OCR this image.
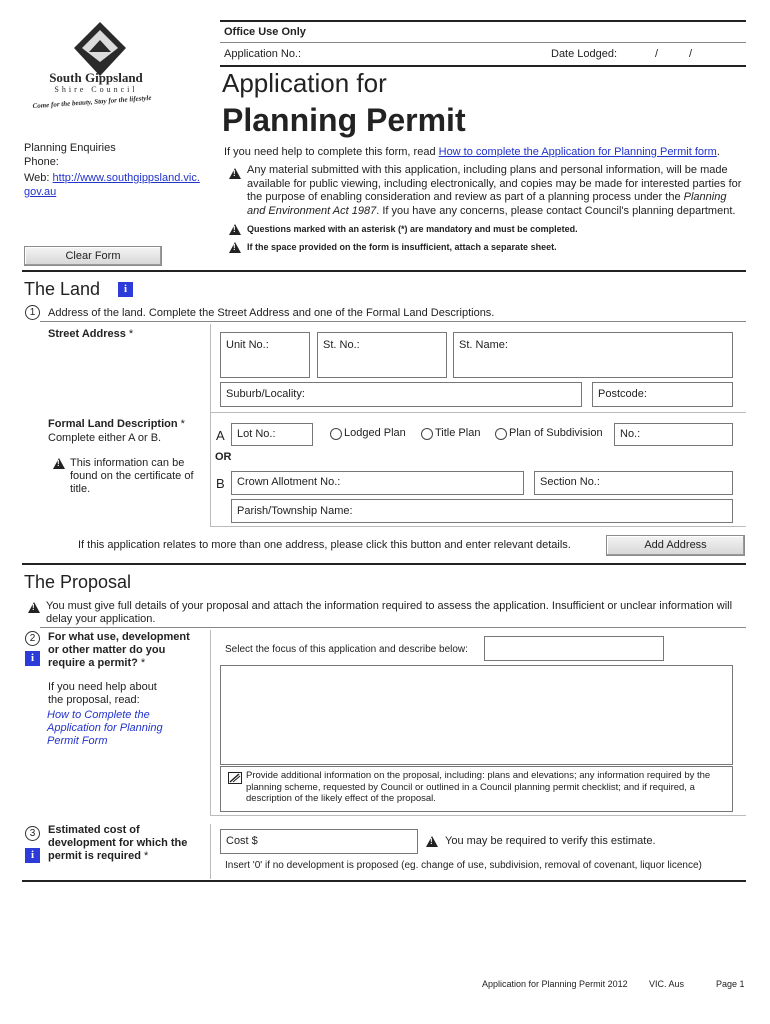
South Gippsland
Shire Council
Come for the beauty, Stay for the lifestyle
Office Use Only
Application No.:	Date Lodged:	/	/
Application for
Planning Permit
Planning Enquiries
Phone:
Web: http://www.southgippsland.vic.
gov.au
If you need help to complete this form, read How to complete the Application for Planning Permit form.
!
Any material submitted with this application, including plans and personal information, will be made available for public viewing, including electronically, and copies may be made for interested parties for the purpose of enabling consideration and review as part of a planning process under the Planning and Environment Act 1987. If you have any concerns, please contact Council's planning department.
!
Questions marked with an asterisk (*) are mandatory and must be completed.
!
If the space provided on the form is insufficient, attach a separate sheet.
Clear Form
The Land	i
1	Address of the land. Complete the Street Address and one of the Formal Land Descriptions.
Street Address *
Unit No.:	St. No.:	St. Name:
Suburb/Locality:	Postcode:
Formal Land Description *
Complete either A or B.
!
This information can be found on the certificate of title.
A Lot No.:	Lodged Plan	Title Plan	Plan of Subdivision No.:
OR
B Crown Allotment No.:	Section No.:
Parish/Township Name:
If this application relates to more than one address, please click this button and enter relevant details.	Add Address
The Proposal
!
You must give full details of your proposal and attach the information required to assess the application. Insufficient or unclear information will delay your application.
2	For what use, development or other matter do you require a permit? *
i
If you need help about the proposal, read:
How to Complete the Application for Planning Permit Form
Select the focus of this application and describe below:
Provide additional information on the proposal, including: plans and elevations; any information required by the planning scheme, requested by Council or outlined in a Council planning permit checklist; and if required, a description of the likely effect of the proposal.
3	Estimated cost of development for which the permit is required *
i
Cost $
!	You may be required to verify this estimate.
Insert '0' if no development is proposed (eg. change of use, subdivision, removal of covenant, liquor licence)
Application for Planning Permit 2012 VIC. Aus	Page 1
